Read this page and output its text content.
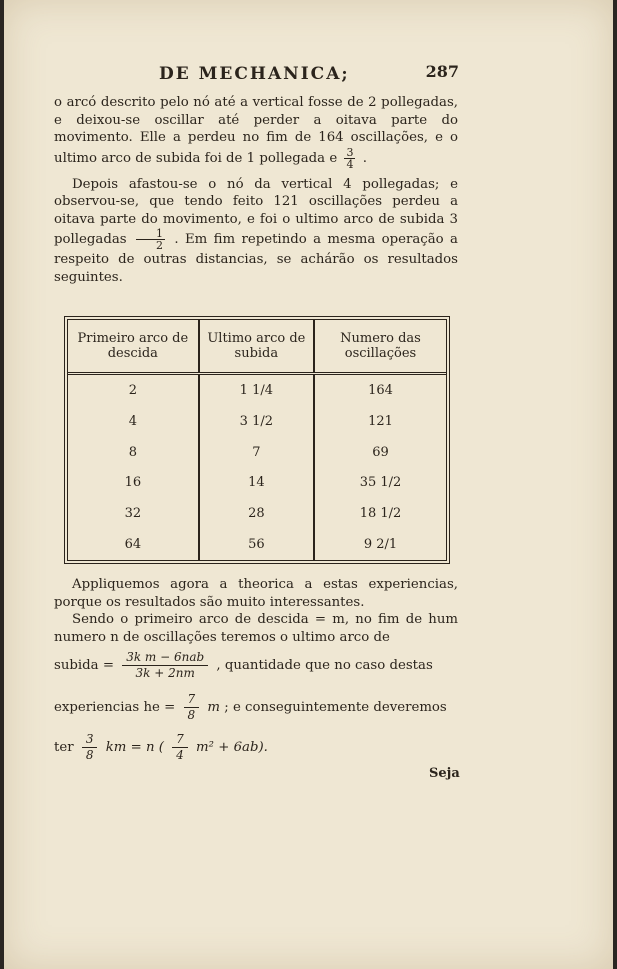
DE MECHANICA;	287

o arcó descrito pelo nó até a vertical fosse de 2 pollegadas, e deixou-se oscillar até perder a oitava parte do movimento. Elle a perdeu no fim de 164 oscillações, e o ultimo arco de subida foi de 1 pollegada e $\frac{3}{4}$ .

Depois afastou-se o nó da vertical 4 pollegadas; e observou-se, que tendo feito 121 oscillações perdeu a oitava parte do movimento, e foi o ultimo arco de subida 3 pollegadas $\frac{1}{2}$ . Em fim repetindo a mesma operação a respeito de outras distancias, se achárão os resultados seguintes.

Primeiro arco de descida	Ultimo arco de subida	Numero das oscillações
2	1 1/4	164
4	3 1/2	121
8	7	69
16	14	35 1/2
32	28	18 1/2
64	56	9 2/1

Appliquemos agora a theorica a estas experiencias, porque os resultados são muito interessantes.

Sendo o primeiro arco de descida = m, no fim de hum numero n de oscillações teremos o ultimo arco de

subida = $\frac{\text{3k m − 6nab}}{3k + 2nm}$ , quantidade que no caso destas
experiencias he = $\frac{7}{8}$ m ; e conseguintemente deveremos
ter $\frac{3}{8}$ km = n ( $\frac{7}{4} m^2 + 6ab$).
Seja
